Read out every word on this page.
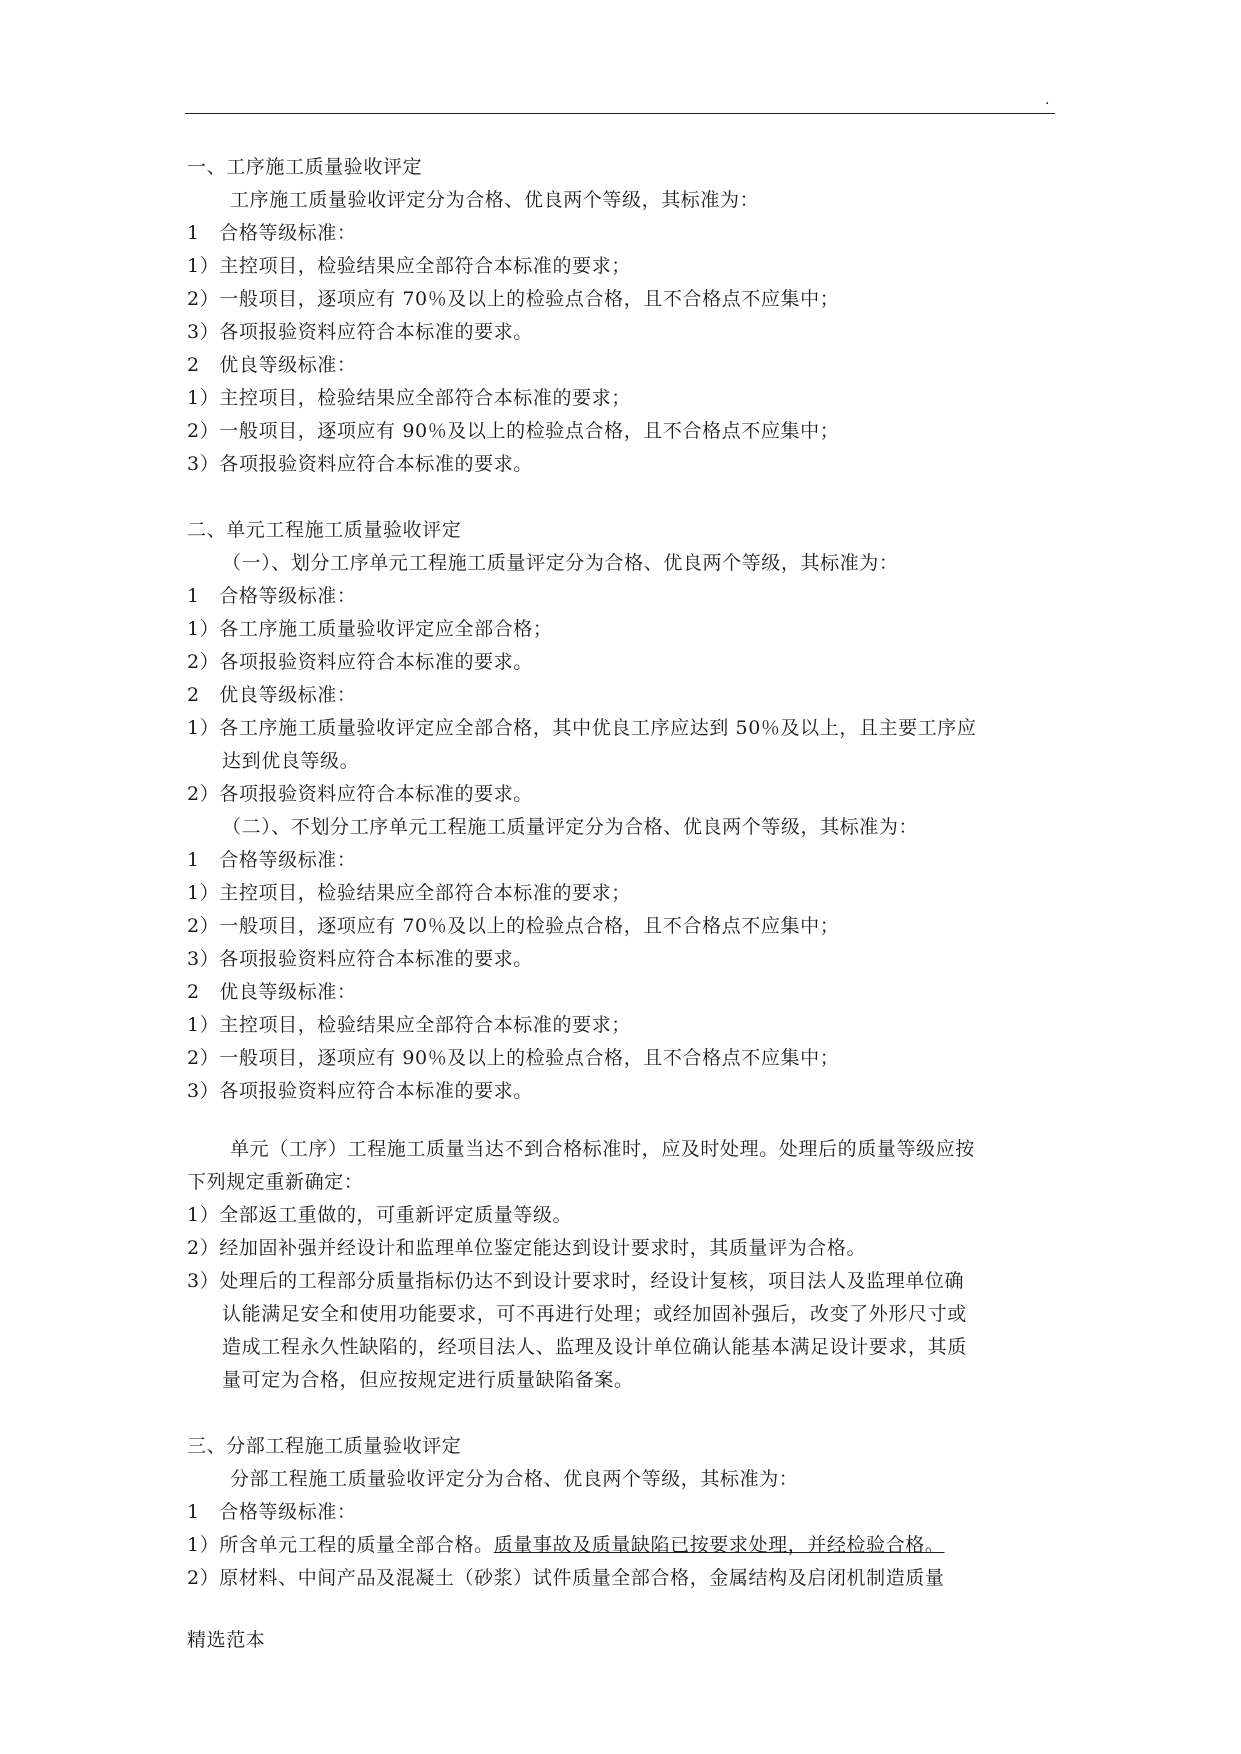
.
一、工序施工质量验收评定
工序施工质量验收评定分为合格、优良两个等级，其标准为：
1　合格等级标准：
1）主控项目，检验结果应全部符合本标准的要求；
2）一般项目，逐项应有 70％及以上的检验点合格，且不合格点不应集中；
3）各项报验资料应符合本标准的要求。
2　优良等级标准：
1）主控项目，检验结果应全部符合本标准的要求；
2）一般项目，逐项应有 90％及以上的检验点合格，且不合格点不应集中；
3）各项报验资料应符合本标准的要求。
二、单元工程施工质量验收评定
（一）、划分工序单元工程施工质量评定分为合格、优良两个等级，其标准为：
1　合格等级标准：
1）各工序施工质量验收评定应全部合格；
2）各项报验资料应符合本标准的要求。
2　优良等级标准：
1）各工序施工质量验收评定应全部合格，其中优良工序应达到 50％及以上，且主要工序应
达到优良等级。
2）各项报验资料应符合本标准的要求。
（二）、不划分工序单元工程施工质量评定分为合格、优良两个等级，其标准为：
1　合格等级标准：
1）主控项目，检验结果应全部符合本标准的要求；
2）一般项目，逐项应有 70％及以上的检验点合格，且不合格点不应集中；
3）各项报验资料应符合本标准的要求。
2　优良等级标准：
1）主控项目，检验结果应全部符合本标准的要求；
2）一般项目，逐项应有 90％及以上的检验点合格，且不合格点不应集中；
3）各项报验资料应符合本标准的要求。
单元（工序）工程施工质量当达不到合格标准时，应及时处理。处理后的质量等级应按
下列规定重新确定：
1）全部返工重做的，可重新评定质量等级。
2）经加固补强并经设计和监理单位鉴定能达到设计要求时，其质量评为合格。
3）处理后的工程部分质量指标仍达不到设计要求时，经设计复核，项目法人及监理单位确
认能满足安全和使用功能要求，可不再进行处理；或经加固补强后，改变了外形尺寸或
造成工程永久性缺陷的，经项目法人、监理及设计单位确认能基本满足设计要求，其质
量可定为合格，但应按规定进行质量缺陷备案。
三、分部工程施工质量验收评定
分部工程施工质量验收评定分为合格、优良两个等级，其标准为：
1　合格等级标准：
1）所含单元工程的质量全部合格。质量事故及质量缺陷已按要求处理，并经检验合格。
2）原材料、中间产品及混凝土（砂浆）试件质量全部合格，金属结构及启闭机制造质量
精选范本
